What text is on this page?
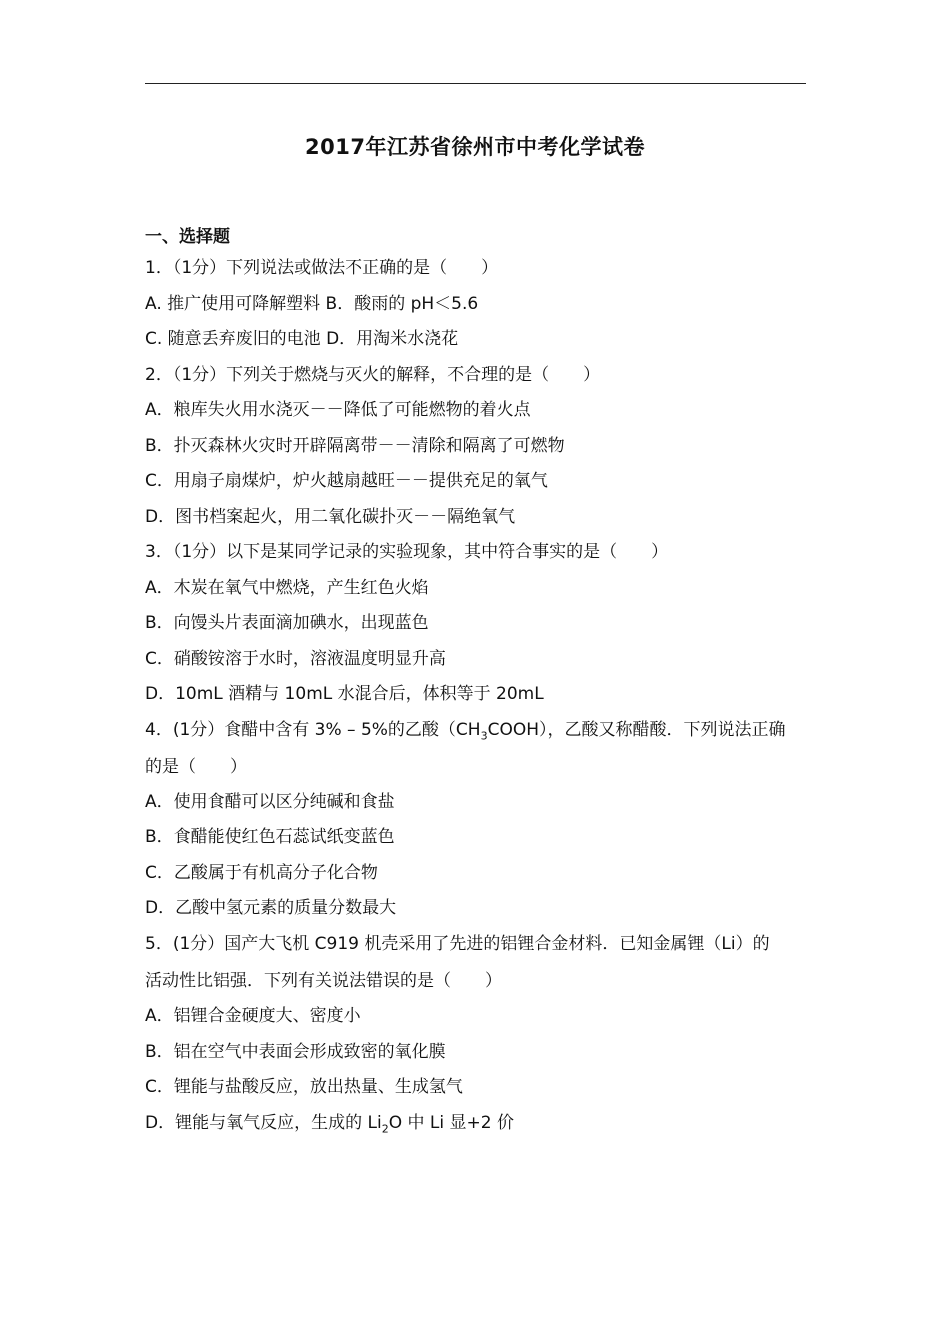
2017年江苏省徐州市中考化学试卷
一、选择题
1．（1分）下列说法或做法不正确的是（　　）
A. 推广使用可降解塑料 B．酸雨的 pH＜5.6
C. 随意丢弃废旧的电池 D．用淘米水浇花
2．（1分）下列关于燃烧与灭火的解释，不合理的是（　　）
A．粮库失火用水浇灭－－降低了可能燃物的着火点
B．扑灭森林火灾时开辟隔离带－－清除和隔离了可燃物
C．用扇子扇煤炉，炉火越扇越旺－－提供充足的氧气
D．图书档案起火，用二氧化碳扑灭－－隔绝氧气
3．（1分）以下是某同学记录的实验现象，其中符合事实的是（　　）
A．木炭在氧气中燃烧，产生红色火焰
B．向馒头片表面滴加碘水，出现蓝色
C．硝酸铵溶于水时，溶液温度明显升高
D．10mL 酒精与 10mL 水混合后，体积等于 20mL
4．(1分）食醋中含有 3% – 5%的乙酸$(CH_3COOH)$，乙酸又称醋酸．下列说法正确
的是（　　）
A．使用食醋可以区分纯碱和食盐
B．食醋能使红色石蕊试纸变蓝色
C．乙酸属于有机高分子化合物
D．乙酸中氢元素的质量分数最大
5．(1分）国产大飞机 C919 机壳采用了先进的铝锂合金材料．已知金属锂（Li）的
活动性比铝强．下列有关说法错误的是（　　）
A．铝锂合金硬度大、密度小
B．铝在空气中表面会形成致密的氧化膜
C．锂能与盐酸反应，放出热量、生成氢气
D．锂能与氧气反应，生成的 $Li_2O$ 中 Li 显+2 价
